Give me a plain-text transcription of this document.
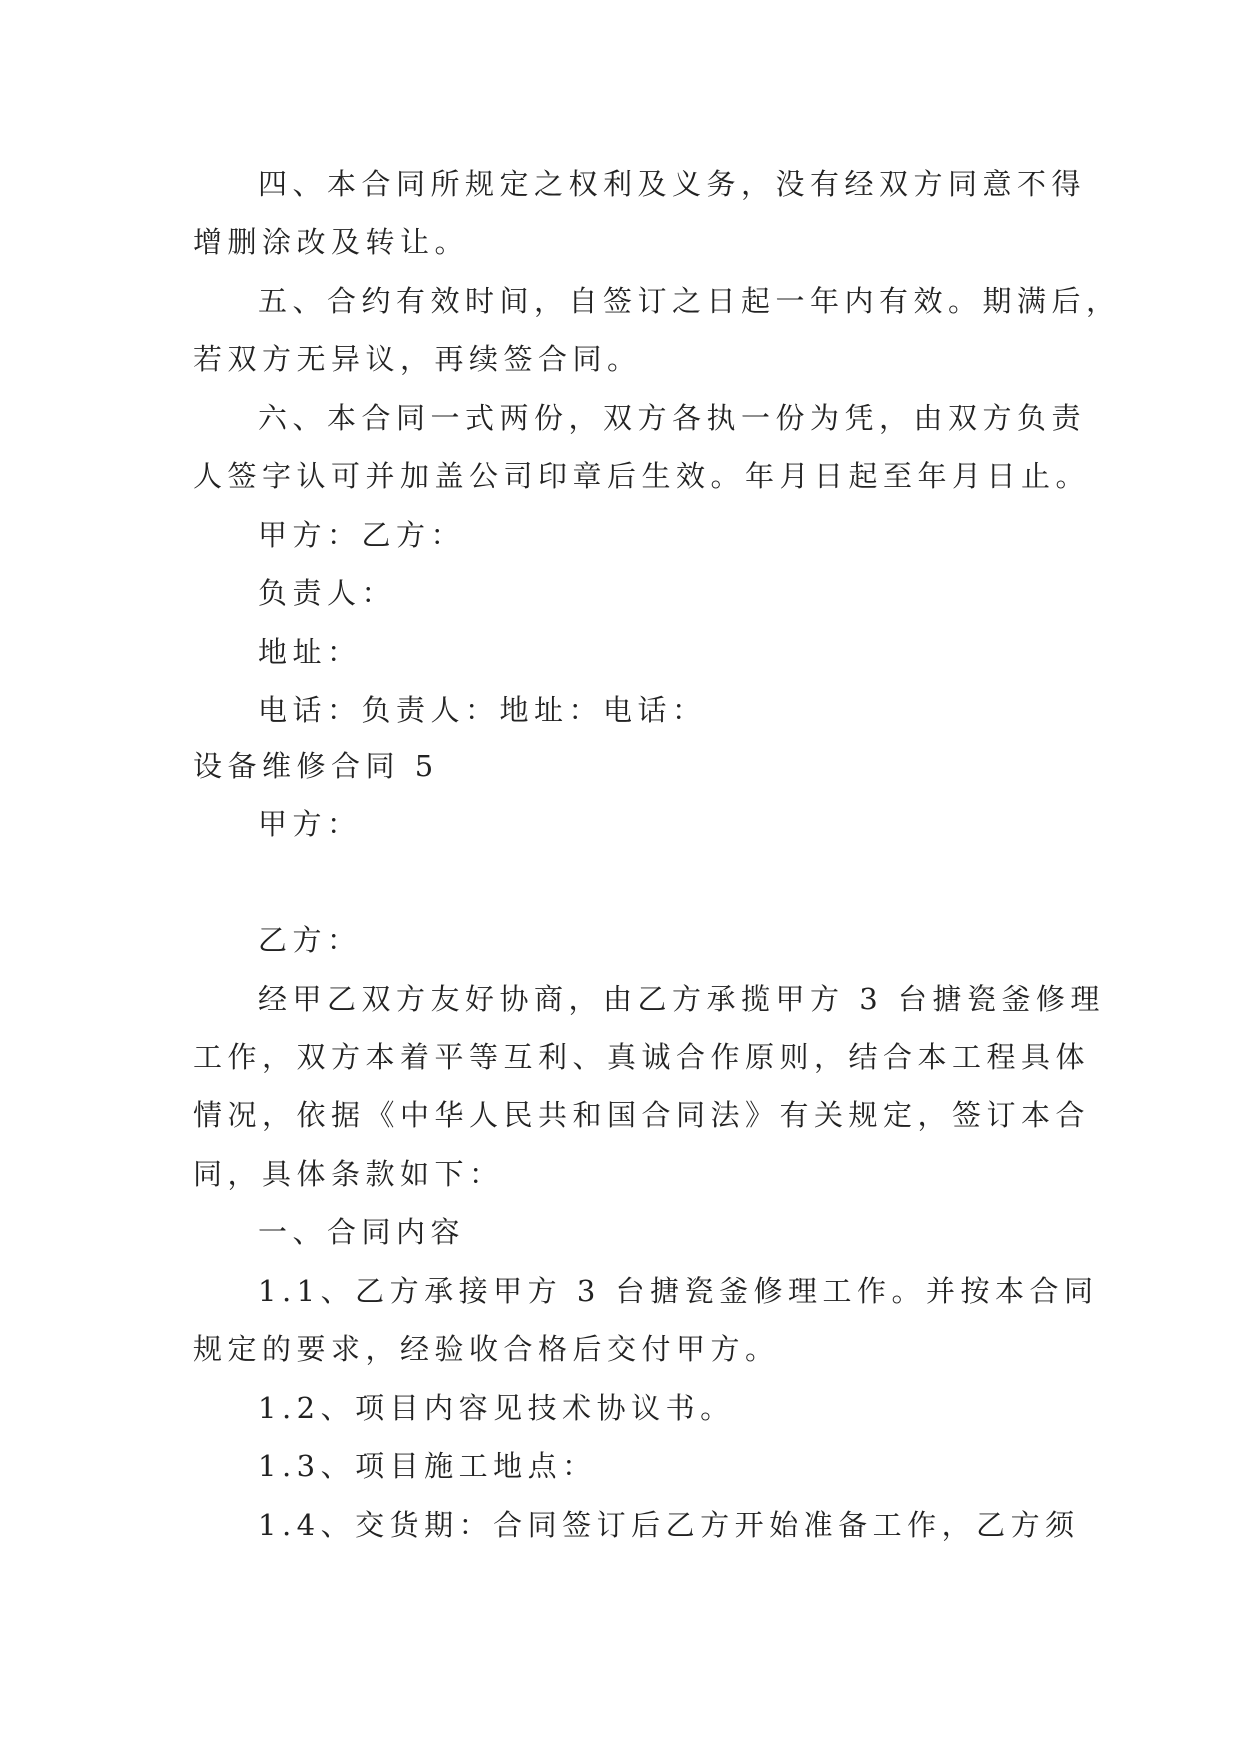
四、本合同所规定之权利及义务，没有经双方同意不得
增删涂改及转让。
五、合约有效时间，自签订之日起一年内有效。期满后，
若双方无异议，再续签合同。
六、本合同一式两份，双方各执一份为凭，由双方负责
人签字认可并加盖公司印章后生效。年月日起至年月日止。
甲方：乙方：
负责人：
地址：
电话：负责人：地址：电话：
设备维修合同 5
甲方：
乙方：
经甲乙双方友好协商，由乙方承揽甲方 3 台搪瓷釜修理
工作，双方本着平等互利、真诚合作原则，结合本工程具体
情况，依据《中华人民共和国合同法》有关规定，签订本合
同，具体条款如下：
一、合同内容
1.1、乙方承接甲方 3 台搪瓷釜修理工作。并按本合同
规定的要求，经验收合格后交付甲方。
1.2、项目内容见技术协议书。
1.3、项目施工地点：
1.4、交货期：合同签订后乙方开始准备工作，乙方须
